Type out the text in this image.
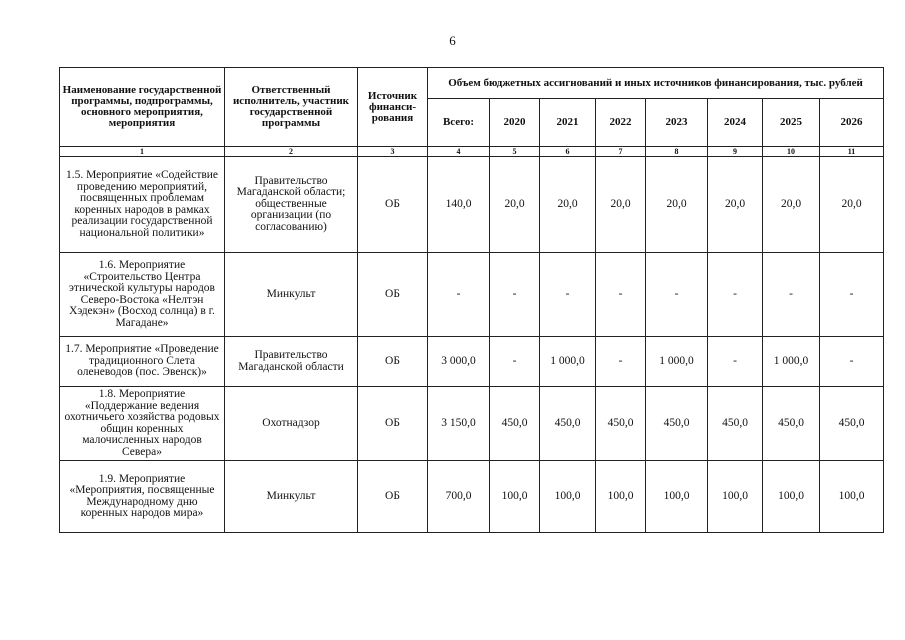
6
Наименование государственной программы, подпрограммы, основного мероприятия, мероприятия	Ответственный исполнитель, участник государственной программы	Источник финанси-рования	Объем бюджетных ассигнований и иных источников финансирования, тыс. рублей							
			Всего:	2020	2021	2022	2023	2024	2025	2026
1	2	3	4	5	6	7	8	9	10	11
1.5. Мероприятие «Содействие проведению мероприятий, посвященных проблемам коренных народов в рамках реализации государственной национальной политики»	Правительство Магаданской области; общественные организации (по согласованию)	ОБ	140,0	20,0	20,0	20,0	20,0	20,0	20,0	20,0
1.6. Мероприятие «Строительство Центра этнической культуры народов Северо-Востока «Нелтэн Хэдекэн» (Восход солнца) в г. Магадане»	Минкульт	ОБ	-	-	-	-	-	-	-	-
1.7. Мероприятие «Проведение традиционного Слета оленеводов (пос. Эвенск)»	Правительство Магаданской области	ОБ	3 000,0	-	1 000,0	-	1 000,0	-	1 000,0	-
1.8. Мероприятие «Поддержание ведения охотничьего хозяйства родовых общин коренных малочисленных народов Севера»	Охотнадзор	ОБ	3 150,0	450,0	450,0	450,0	450,0	450,0	450,0	450,0
1.9. Мероприятие «Мероприятия, посвященные Международному дню коренных народов мира»	Минкульт	ОБ	700,0	100,0	100,0	100,0	100,0	100,0	100,0	100,0
